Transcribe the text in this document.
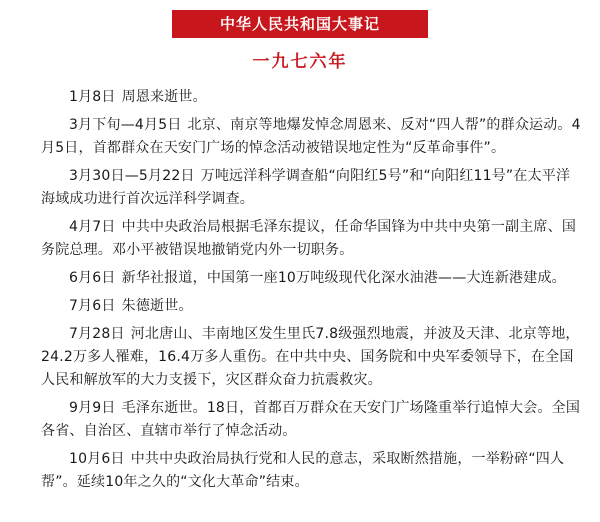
中华人民共和国大事记
一九七六年

1月8日 周恩来逝世。

3月下旬—4月5日 北京、南京等地爆发悼念周恩来、反对“四人帮”的群众运动。4月5日，首都群众在天安门广场的悼念活动被错误地定性为“反革命事件”。

3月30日—5月22日 万吨远洋科学调查船“向阳红5号”和“向阳红11号”在太平洋海域成功进行首次远洋科学调查。

4月7日 中共中央政治局根据毛泽东提议，任命华国锋为中共中央第一副主席、国务院总理。邓小平被错误地撤销党内外一切职务。

6月6日 新华社报道，中国第一座10万吨级现代化深水油港——大连新港建成。

7月6日 朱德逝世。

7月28日 河北唐山、丰南地区发生里氏7.8级强烈地震，并波及天津、北京等地，24.2万多人罹难，16.4万多人重伤。在中共中央、国务院和中央军委领导下，在全国人民和解放军的大力支援下，灾区群众奋力抗震救灾。

9月9日 毛泽东逝世。18日，首都百万群众在天安门广场隆重举行追悼大会。全国各省、自治区、直辖市举行了悼念活动。

10月6日 中共中央政治局执行党和人民的意志，采取断然措施，一举粉碎“四人帮”。延续10年之久的“文化大革命”结束。
